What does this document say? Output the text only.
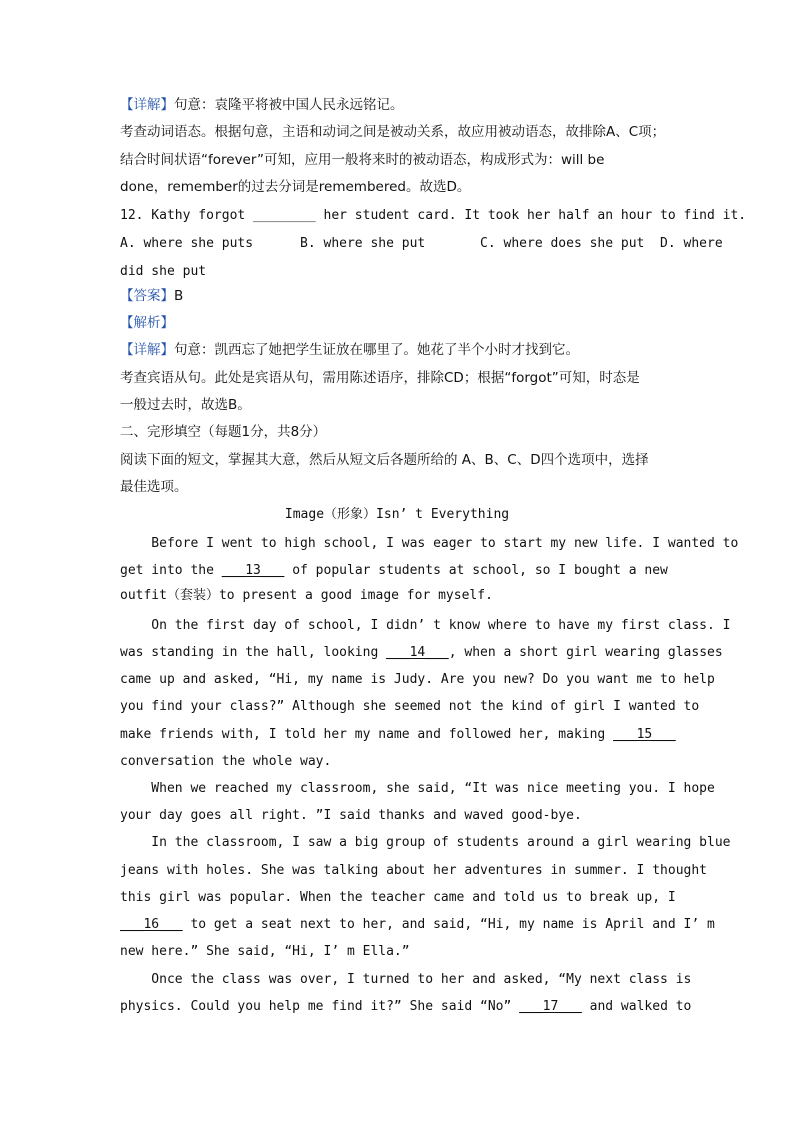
【详解】句意：袁隆平将被中国人民永远铭记。
考查动词语态。根据句意，主语和动词之间是被动关系，故应用被动语态，故排除A、C项；
结合时间状语“forever”可知，应用一般将来时的被动语态，构成形式为：will be
done，remember的过去分词是remembered。故选D。
12. Kathy forgot ________ her student card. It took her half an hour to find it.
A. where she puts      B. where she put       C. where does she put  D. where
did she put
【答案】B
【解析】
【详解】句意：凯西忘了她把学生证放在哪里了。她花了半个小时才找到它。
考查宾语从句。此处是宾语从句，需用陈述语序，排除CD；根据“forgot”可知，时态是
一般过去时，故选B。
二、完形填空（每题1分，共8分）
阅读下面的短文，掌握其大意，然后从短文后各题所给的 A、B、C、D四个选项中，选择
最佳选项。
Image（形象）Isn’ t Everything
Before I went to high school, I was eager to start my new life. I wanted to
get into the ___13___ of popular students at school, so I bought a new
outfit（套装）to present a good image for myself.
On the first day of school, I didn’ t know where to have my first class. I
was standing in the hall, looking ___14___, when a short girl wearing glasses
came up and asked, “Hi, my name is Judy. Are you new? Do you want me to help
you find your class?” Although she seemed not the kind of girl I wanted to
make friends with, I told her my name and followed her, making ___15___
conversation the whole way.
When we reached my classroom, she said, “It was nice meeting you. I hope
your day goes all right. ”I said thanks and waved good-bye.
In the classroom, I saw a big group of students around a girl wearing blue
jeans with holes. She was talking about her adventures in summer. I thought
this girl was popular. When the teacher came and told us to break up, I
___16___ to get a seat next to her, and said, “Hi, my name is April and I’ m
new here.” She said, “Hi, I’ m Ella.”
Once the class was over, I turned to her and asked, “My next class is
physics. Could you help me find it?” She said “No” ___17___ and walked to
